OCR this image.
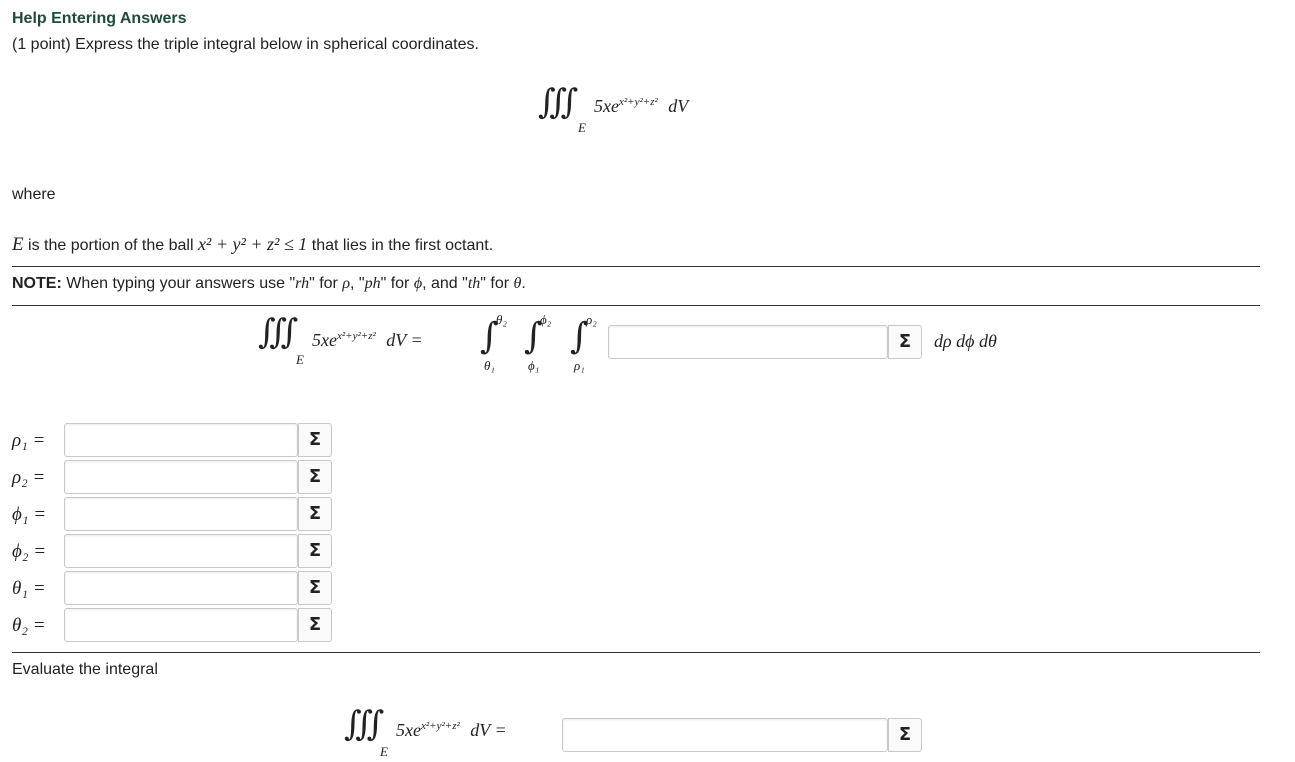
Help Entering Answers
(1 point) Express the triple integral below in spherical coordinates.
∭
E
$5xe^{x^2+y^2+z^2}$ dV
where
E is the portion of the ball x² + y² + z² ≤ 1 that lies in the first octant.
NOTE: When typing your answers use "rh" for ρ, "ph" for ϕ, and "th" for θ.
∭
E
$5xe^{x^2+y^2+z^2}$ dV = ∫
θ₂
θ₁
∫
ϕ₂
ϕ₁
∫
ρ₂
ρ₁
Σ	dρ dϕ dθ
ρ₁ =	Σ
ρ₂ =	Σ
ϕ₁ =	Σ
ϕ₂ =	Σ
θ₁ =	Σ
θ₂ =	Σ
Evaluate the integral
∭
E
$5xe^{x^2+y^2+z^2}$ dV =	Σ
